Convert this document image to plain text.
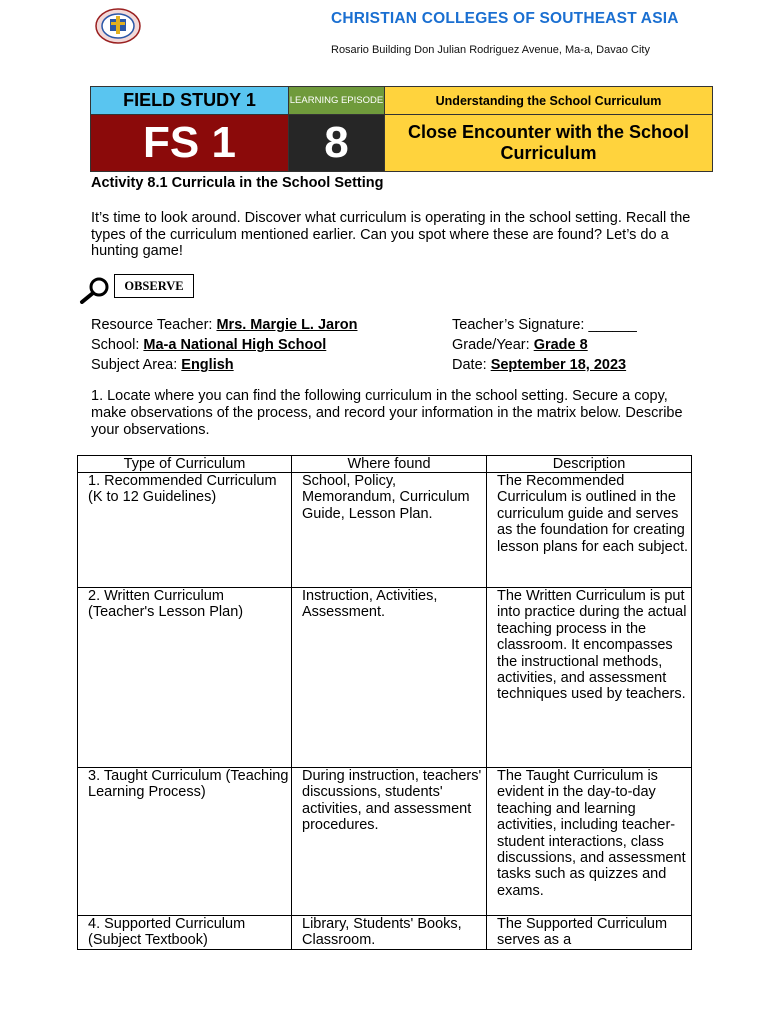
CHRISTIAN COLLEGES OF SOUTHEAST ASIA
Rosario Building Don Julian Rodriguez Avenue, Ma-a, Davao City
FIELD STUDY 1	LEARNING EPISODE	Understanding the School Curriculum
FS 1	8	Close Encounter with the School Curriculum
Activity 8.1 Curricula in the School Setting
It’s time to look around. Discover what curriculum is operating in the school setting. Recall the types of the curriculum mentioned earlier. Can you spot where these are found? Let’s do a hunting game!
OBSERVE
Resource Teacher: Mrs. Margie L. Jaron
School: Ma-a National High School
Subject Area: English
Teacher’s Signature: ______
Grade/Year: Grade 8
Date: September 18, 2023
1. Locate where you can find the following curriculum in the school setting. Secure a copy, make observations of the process, and record your information in the matrix below. Describe your observations.
Type of Curriculum	Where found	Description
1. Recommended Curriculum (K to 12 Guidelines)	School, Policy, Memorandum, Curriculum Guide, Lesson Plan.	The Recommended Curriculum is outlined in the curriculum guide and serves as the foundation for creating lesson plans for each subject.
2. Written Curriculum (Teacher's Lesson Plan)	Instruction, Activities, Assessment.	The Written Curriculum is put into practice during the actual teaching process in the classroom. It encompasses the instructional methods, activities, and assessment techniques used by teachers.
3. Taught Curriculum (Teaching Learning Process)	During instruction, teachers' discussions, students' activities, and assessment procedures.	The Taught Curriculum is evident in the day-to-day teaching and learning activities, including teacher-student interactions, class discussions, and assessment tasks such as quizzes and exams.
4. Supported Curriculum (Subject Textbook)	Library, Students' Books, Classroom.	The Supported Curriculum serves as a
